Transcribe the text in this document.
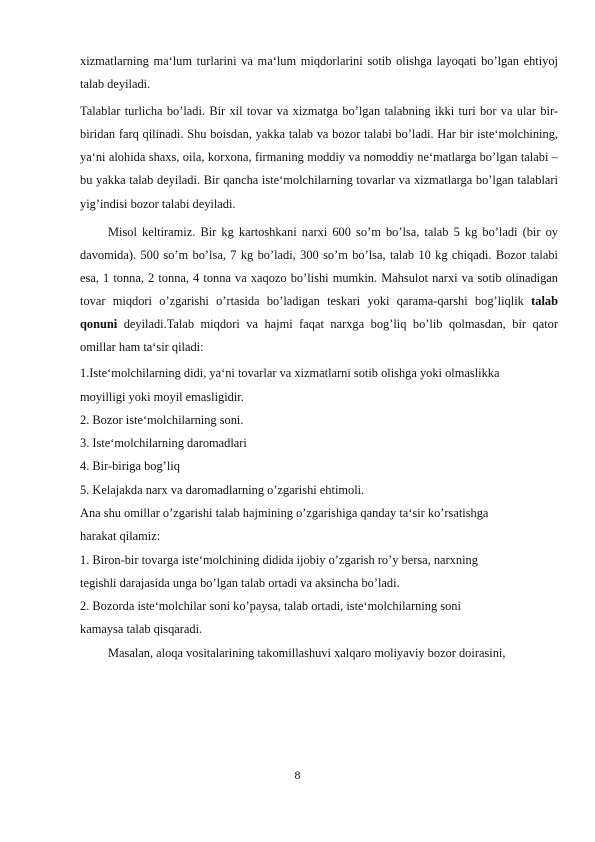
xizmatlarning ma‘lum turlarini va ma‘lum miqdorlarini sotib olishga layoqati bo’lgan ehtiyoj talab deyiladi.

Talablar turlicha bo’ladi. Bir xil tovar va xizmatga bo’lgan talabning ikki turi bor va ular bir-biridan farq qilinadi. Shu boisdan, yakka talab va bozor talabi bo’ladi. Har bir iste‘molchining, ya‘ni alohida shaxs, oila, korxona, firmaning moddiy va nomoddiy ne‘matlarga bo’lgan talabi – bu yakka talab deyiladi. Bir qancha iste‘molchilarning tovarlar va xizmatlarga bo’lgan talablari yig’indisi bozor talabi deyiladi.

Misol keltiramiz. Bir kg kartoshkani narxi 600 so’m bo’lsa, talab 5 kg bo’ladi (bir oy davomida). 500 so’m bo’lsa, 7 kg bo’ladi, 300 so’m bo’lsa, talab 10 kg chiqadi. Bozor talabi esa, 1 tonna, 2 tonna, 4 tonna va xaqozo bo’lishi mumkin. Mahsulot narxi va sotib olinadigan tovar miqdori o’zgarishi o’rtasida bo’ladigan teskari yoki qarama-qarshi bog’liqlik talab qonuni deyiladi.Talab miqdori va hajmi faqat narxga bog’liq bo’lib qolmasdan, bir qator omillar ham ta‘sir qiladi:

1.Iste‘molchilarning didi, ya‘ni tovarlar va xizmatlarni sotib olishga yoki olmaslikka

moyilligi yoki moyil emasligidir.

2. Bozor iste‘molchilarning soni.

3. Iste‘molchilarning daromadlari

4. Bir-biriga bog’liq

5. Kelajakda narx va daromadlarning o’zgarishi ehtimoli.

Ana shu omillar o’zgarishi talab hajmining o’zgarishiga qanday ta‘sir ko’rsatishga

harakat qilamiz:

1. Biron-bir tovarga iste‘molchining didida ijobiy o’zgarish ro’y bersa, narxning

tegishli darajasida unga bo’lgan talab ortadi va aksincha bo’ladi.

2. Bozorda iste‘molchilar soni ko’paysa, talab ortadi, iste‘molchilarning soni

kamaysa talab qisqaradi.

Masalan, aloqa vositalarining takomillashuvi xalqaro moliyaviy bozor doirasini,

8
